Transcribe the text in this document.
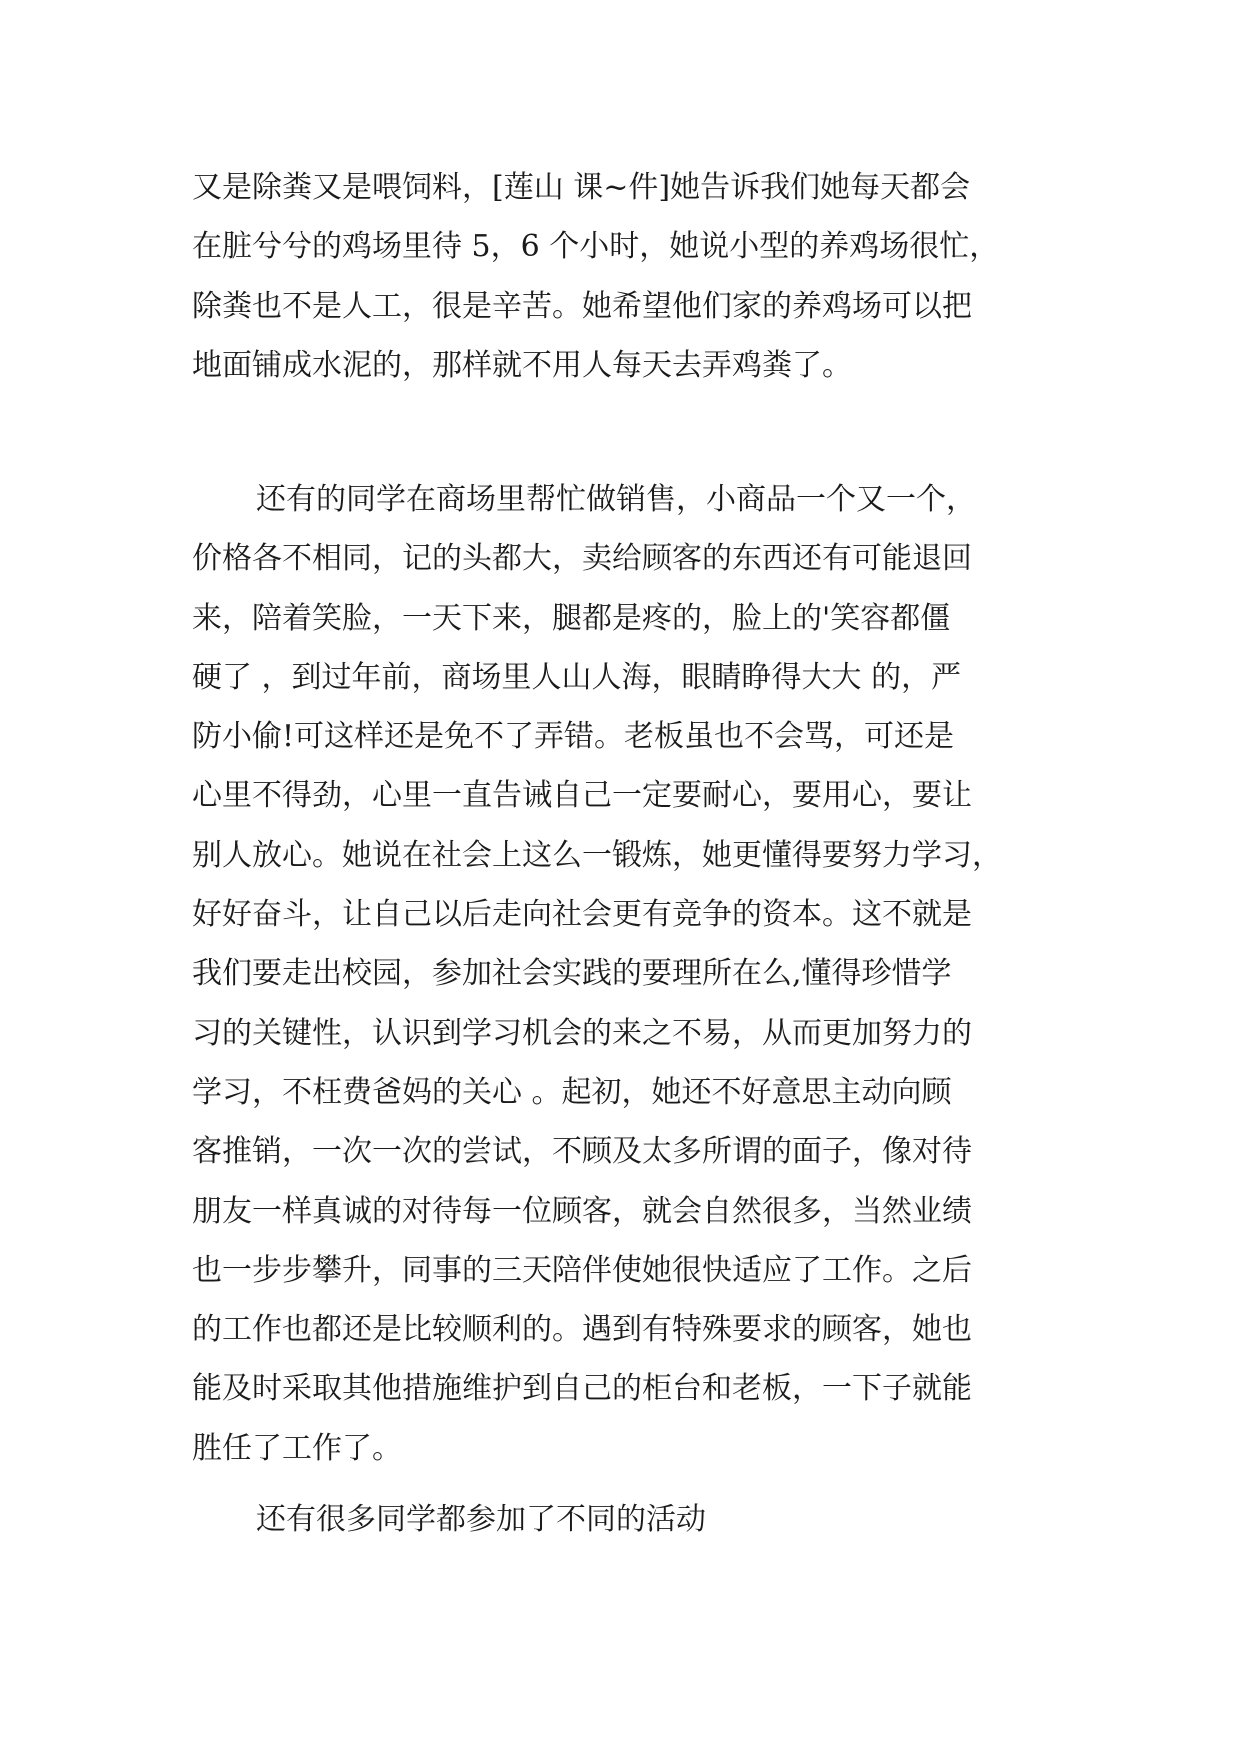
又是除粪又是喂饲料，[莲山 课~件]她告诉我们她每天都会
在脏兮兮的鸡场里待 5，6 个小时，她说小型的养鸡场很忙，
除粪也不是人工，很是辛苦。她希望他们家的养鸡场可以把
地面铺成水泥的，那样就不用人每天去弄鸡粪了。
还有的同学在商场里帮忙做销售，小商品一个又一个，
价格各不相同，记的头都大，卖给顾客的东西还有可能退回
来，陪着笑脸，一天下来，腿都是疼的，脸上的'笑容都僵
硬了 ，到过年前，商场里人山人海，眼睛睁得大大 的，严
防小偷!可这样还是免不了弄错。老板虽也不会骂，可还是
心里不得劲，心里一直告诫自己一定要耐心，要用心，要让
别人放心。她说在社会上这么一锻炼，她更懂得要努力学习，
好好奋斗，让自己以后走向社会更有竞争的资本。这不就是
我们要走出校园，参加社会实践的要理所在么,懂得珍惜学
习的关键性，认识到学习机会的来之不易，从而更加努力的
学习，不枉费爸妈的关心 。起初，她还不好意思主动向顾
客推销，一次一次的尝试，不顾及太多所谓的面子，像对待
朋友一样真诚的对待每一位顾客，就会自然很多，当然业绩
也一步步攀升，同事的三天陪伴使她很快适应了工作。之后
的工作也都还是比较顺利的。遇到有特殊要求的顾客，她也
能及时采取其他措施维护到自己的柜台和老板，一下子就能
胜任了工作了。
还有很多同学都参加了不同的活动
